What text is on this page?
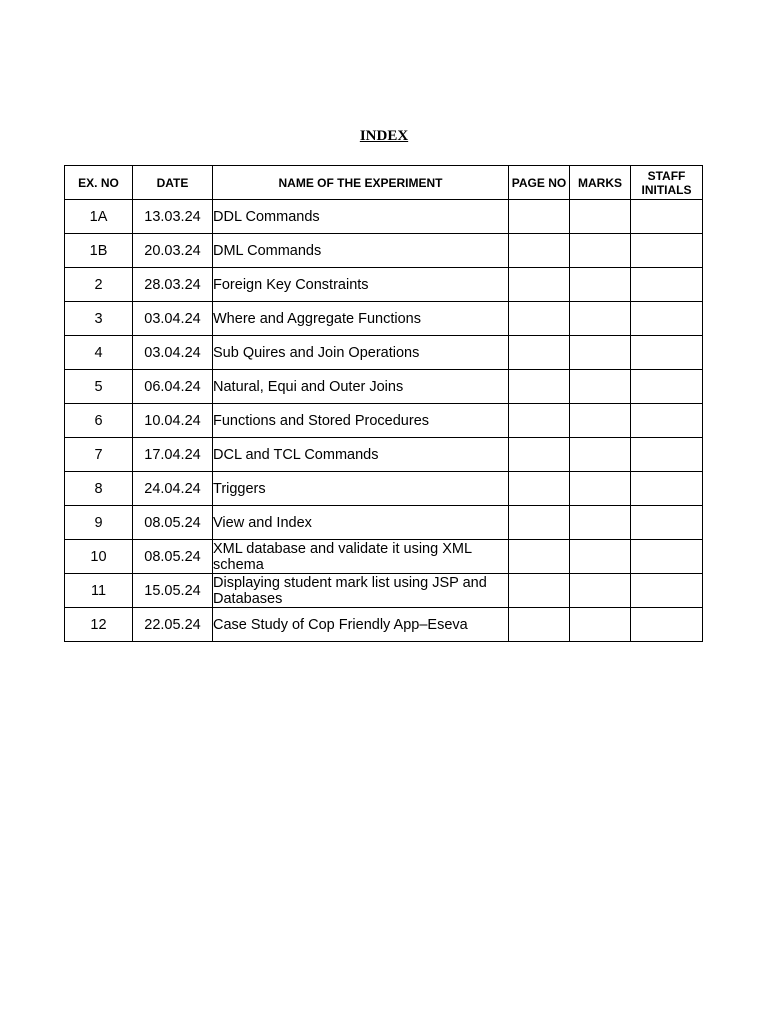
INDEX
EX. NO	DATE	NAME OF THE EXPERIMENT	PAGE NO	MARKS	STAFF INITIALS
1A	13.03.24	DDL Commands			
1B	20.03.24	DML Commands			
2	28.03.24	Foreign Key Constraints			
3	03.04.24	Where and Aggregate Functions			
4	03.04.24	Sub Quires and Join Operations			
5	06.04.24	Natural, Equi and Outer Joins			
6	10.04.24	Functions and Stored Procedures			
7	17.04.24	DCL and TCL Commands			
8	24.04.24	Triggers			
9	08.05.24	View and Index			
10	08.05.24	XML database and validate it using XML schema			
11	15.05.24	Displaying student mark list using JSP and Databases			
12	22.05.24	Case Study of Cop Friendly App–Eseva			
